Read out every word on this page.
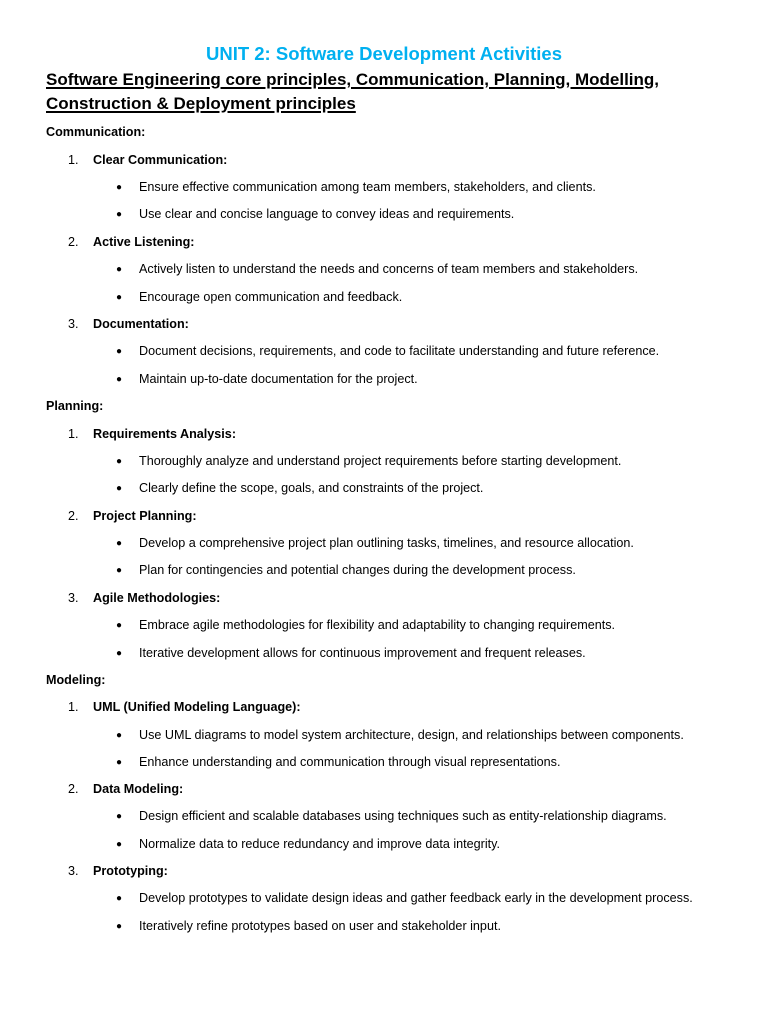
UNIT 2: Software Development Activities
Software Engineering core principles, Communication, Planning, Modelling, Construction & Deployment principles
Communication:
1. Clear Communication:
● Ensure effective communication among team members, stakeholders, and clients.
● Use clear and concise language to convey ideas and requirements.
2. Active Listening:
● Actively listen to understand the needs and concerns of team members and stakeholders.
● Encourage open communication and feedback.
3. Documentation:
● Document decisions, requirements, and code to facilitate understanding and future reference.
● Maintain up-to-date documentation for the project.
Planning:
1. Requirements Analysis:
● Thoroughly analyze and understand project requirements before starting development.
● Clearly define the scope, goals, and constraints of the project.
2. Project Planning:
● Develop a comprehensive project plan outlining tasks, timelines, and resource allocation.
● Plan for contingencies and potential changes during the development process.
3. Agile Methodologies:
● Embrace agile methodologies for flexibility and adaptability to changing requirements.
● Iterative development allows for continuous improvement and frequent releases.
Modeling:
1. UML (Unified Modeling Language):
● Use UML diagrams to model system architecture, design, and relationships between components.
● Enhance understanding and communication through visual representations.
2. Data Modeling:
● Design efficient and scalable databases using techniques such as entity-relationship diagrams.
● Normalize data to reduce redundancy and improve data integrity.
3. Prototyping:
● Develop prototypes to validate design ideas and gather feedback early in the development process.
● Iteratively refine prototypes based on user and stakeholder input.
